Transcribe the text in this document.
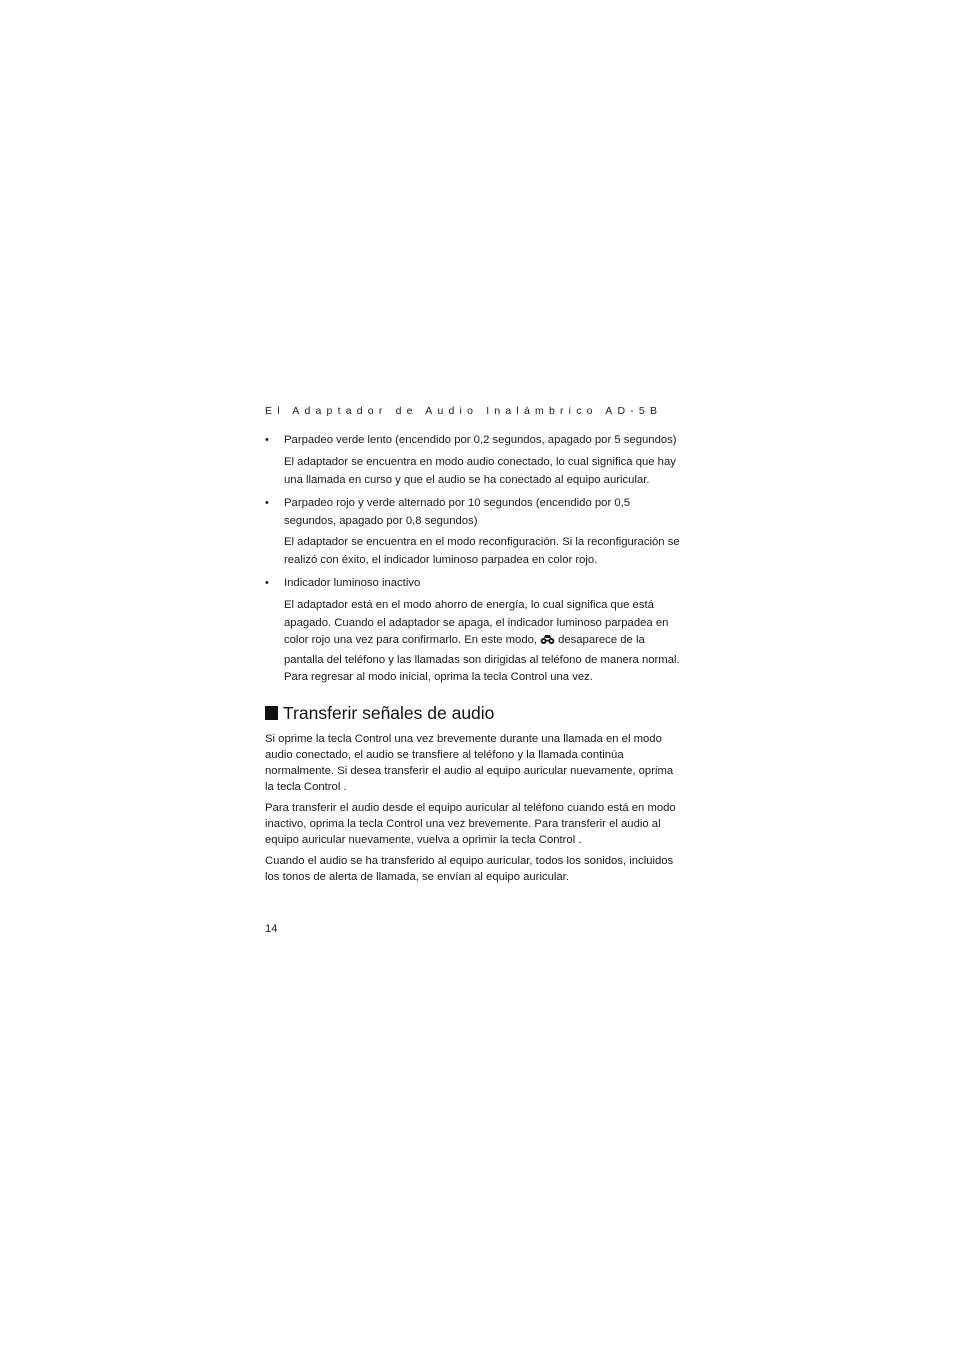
El Adaptador de Audio Inalámbrico AD-5B
•	Parpadeo verde lento (encendido por 0,2 segundos, apagado por 5 segundos)
El adaptador se encuentra en modo audio conectado, lo cual significa que hay una llamada en curso y que el audio se ha conectado al equipo auricular.
•	Parpadeo rojo y verde alternado por 10 segundos (encendido por 0,5 segundos, apagado por 0,8 segundos)
El adaptador se encuentra en el modo reconfiguración. Si la reconfiguración se realizó con éxito, el indicador luminoso parpadea en color rojo.
•	Indicador luminoso inactivo
El adaptador está en el modo ahorro de energía, lo cual significa que está apagado. Cuando el adaptador se apaga, el indicador luminoso parpadea en color rojo una vez para confirmarlo. En este modo, desaparece de la pantalla del teléfono y las llamadas son dirigidas al teléfono de manera normal. Para regresar al modo inicial, oprima la tecla Control una vez.
Transferir señales de audio
Si oprime la tecla Control una vez brevemente durante una llamada en el modo audio conectado, el audio se transfiere al teléfono y la llamada continúa normalmente. Si desea transferir el audio al equipo auricular nuevamente, oprima la tecla Control .
Para transferir el audio desde el equipo auricular al teléfono cuando está en modo inactivo, oprima la tecla Control una vez brevemente. Para transferir el audio al equipo auricular nuevamente, vuelva a oprimir la tecla Control .
Cuando el audio se ha transferido al equipo auricular, todos los sonidos, incluidos los tonos de alerta de llamada, se envían al equipo auricular.
14
